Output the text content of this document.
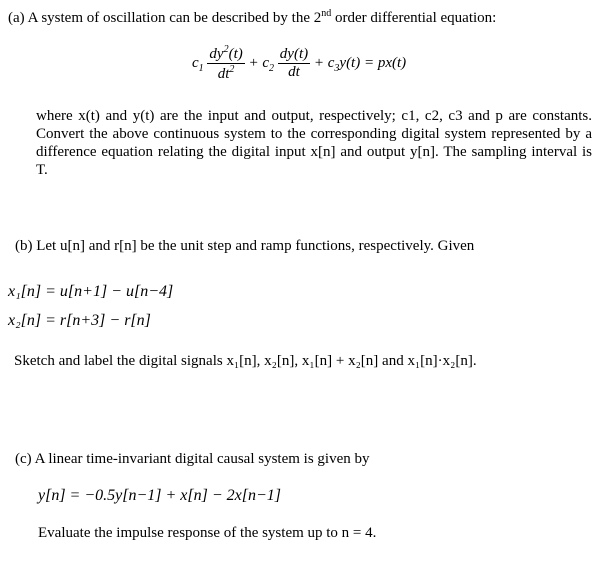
(a) A system of oscillation can be described by the 2nd order differential equation:
$c_1 \frac{dy^2(t)}{dt^2} + c_2 \frac{dy(t)}{dt} + c_3y(t) = px(t)$
where x(t) and y(t) are the input and output, respectively; c1, c2, c3 and p are constants. Convert the above continuous system to the corresponding digital system represented by a difference equation relating the digital input x[n] and output y[n]. The sampling interval is T.
(b) Let u[n] and r[n] be the unit step and ramp functions, respectively. Given
x₁[n] = u[n+1] − u[n−4]
x₂[n] = r[n+3] − r[n]
Sketch and label the digital signals x₁[n], x₂[n], x₁[n] + x₂[n] and x₁[n]·x₂[n].
(c) A linear time-invariant digital causal system is given by
y[n] = −0.5y[n−1] + x[n] − 2x[n−1]
Evaluate the impulse response of the system up to n = 4.
